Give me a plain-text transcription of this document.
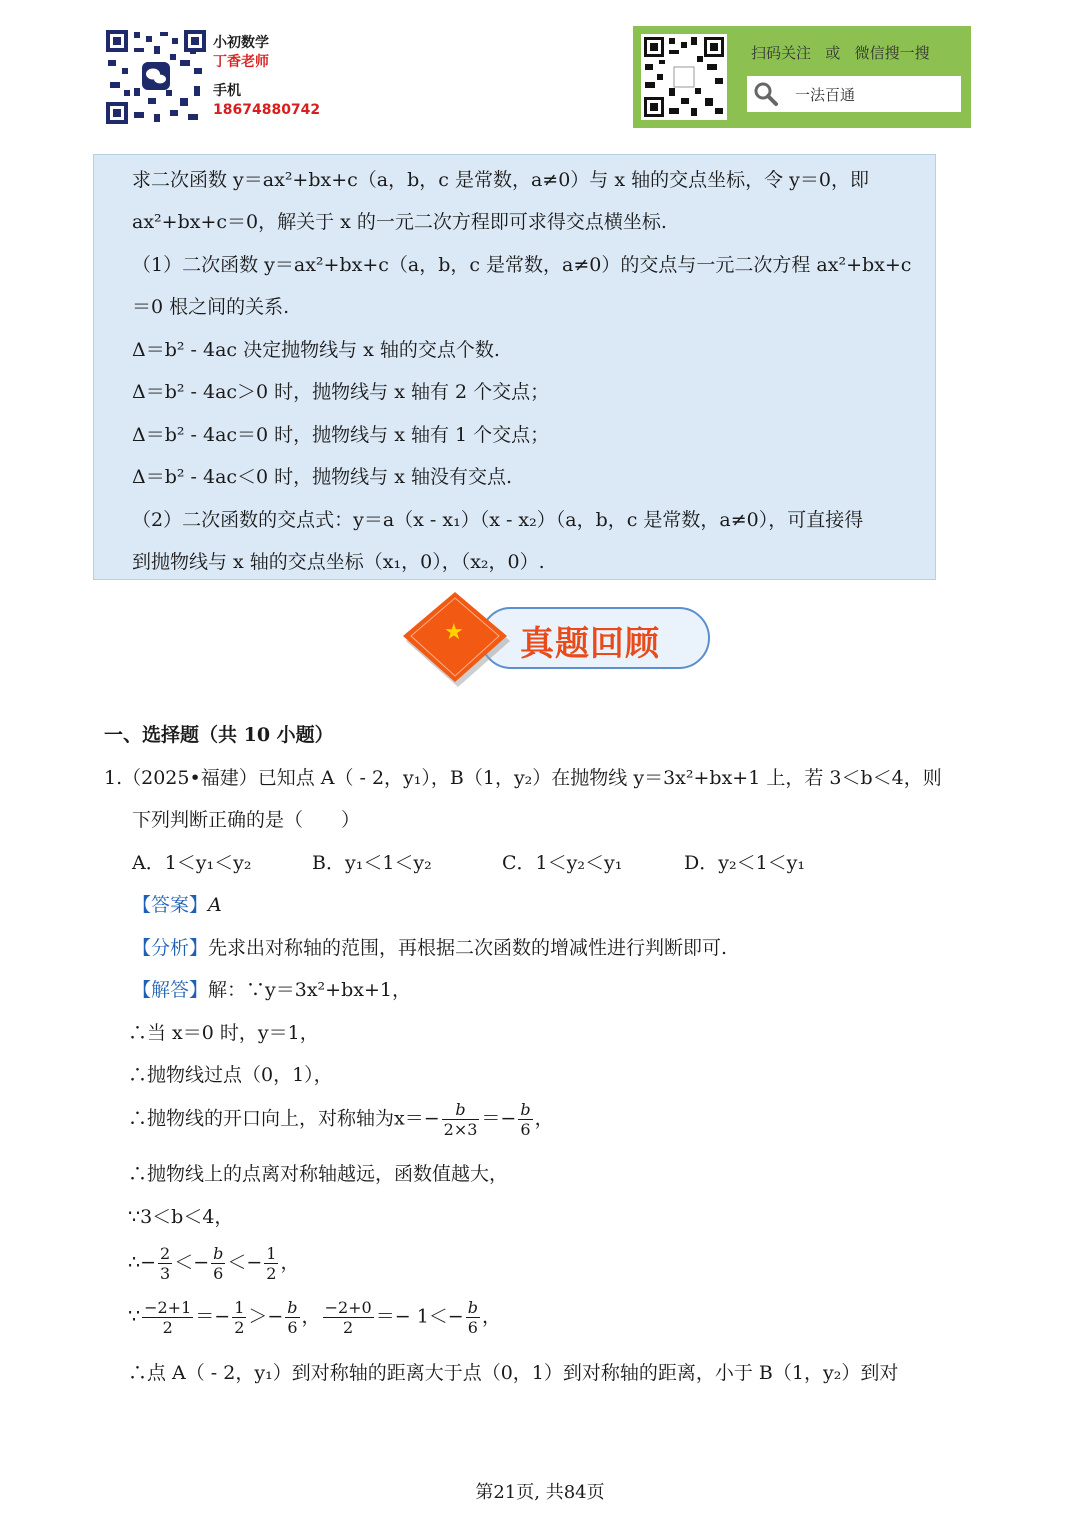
小初数学
丁香老师
手机
18674880742
扫码关注   或   微信搜一搜
一法百通
求二次函数 y＝ax²+bx+c（a，b，c 是常数，a≠0）与 x 轴的交点坐标，令 y＝0，即
ax²+bx+c＝0，解关于 x 的一元二次方程即可求得交点横坐标.
（1）二次函数 y＝ax²+bx+c（a，b，c 是常数，a≠0）的交点与一元二次方程 ax²+bx+c
＝0 根之间的关系.
Δ＝b² - 4ac 决定抛物线与 x 轴的交点个数.
Δ＝b² - 4ac＞0 时，抛物线与 x 轴有 2 个交点；
Δ＝b² - 4ac＝0 时，抛物线与 x 轴有 1 个交点；
Δ＝b² - 4ac＜0 时，抛物线与 x 轴没有交点.
（2）二次函数的交点式：y＝a（x - x₁）（x - x₂）（a，b，c 是常数，a≠0），可直接得
到抛物线与 x 轴的交点坐标（x₁，0），（x₂，0）.
★ 真题回顾
一、选择题（共 10 小题）
1.（2025•福建）已知点 A（ - 2，y₁），B（1，y₂）在抛物线 y＝3x²+bx+1 上，若 3＜b＜4，则
下列判断正确的是（　　）
A．1＜y₁＜y₂	B．y₁＜1＜y₂	C．1＜y₂＜y₁	D．y₂＜1＜y₁
【答案】A
【分析】先求出对称轴的范围，再根据二次函数的增减性进行判断即可.
【解答】解：∵y＝3x²+bx+1，
∴当 x＝0 时，y＝1，
∴抛物线过点（0，1），
∴抛物线的开口向上，对称轴为$x=- \frac{b}{2\times 3} =- \frac{b}{6}$ ，
∴抛物线上的点离对称轴越远，函数值越大，
∵3＜b＜4，
∴− $\frac{2}{3} <- \frac{b}{6} <- \frac{1}{2}$ ，
∵ $\frac{-2+1}{2} =- \frac{1}{2} >- \frac{b}{6}$ ， $\frac{-2+0}{2} =- 1<- \frac{b}{6}$ ，
∴点 A（ - 2，y₁）到对称轴的距离大于点（0，1）到对称轴的距离，小于 B（1，y₂）到对
第21页, 共84页
